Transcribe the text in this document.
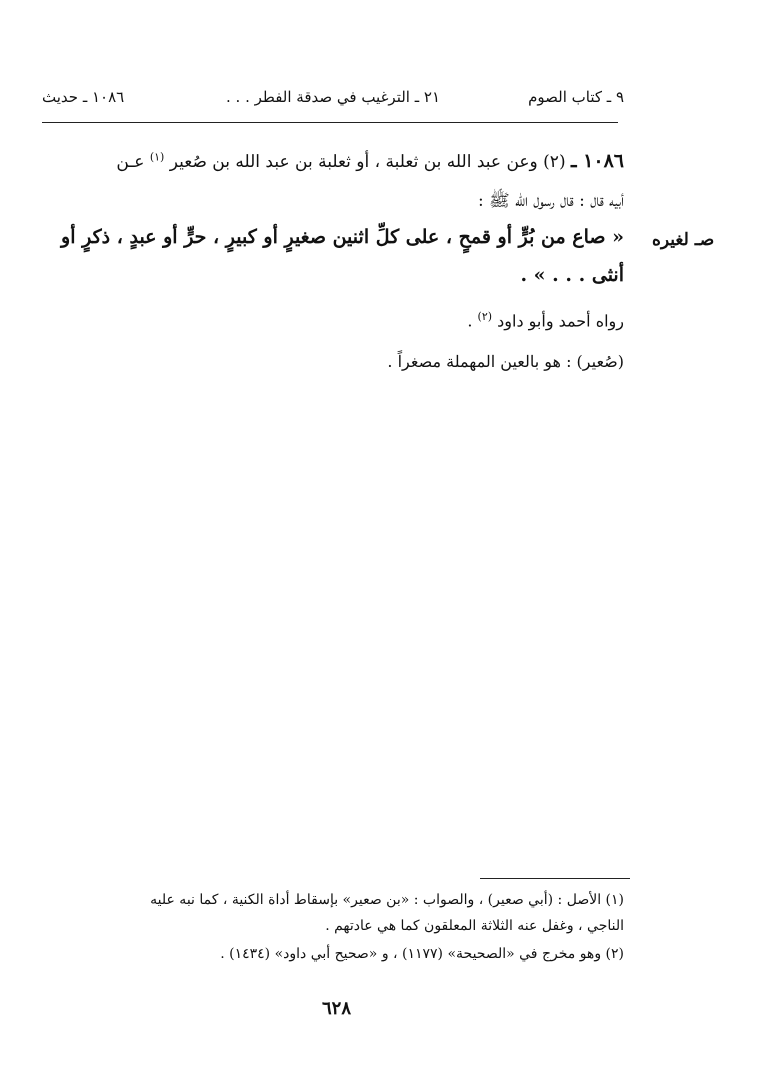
٩ ـ كتاب الصوم
٢١ ـ الترغيب في صدقة الفطر . . .
١٠٨٦ ـ حديث
١٠٨٦ ـ (٢) وعن عبد الله بن ثعلبة ، أو ثعلبة بن عبد الله بن صُعير $^{(١)}$ عـن
أبيه قال : قال رسول الله ﷺ :
صـ لغيره
« صاع من بُرٍّ أو قمحٍ ، على كلِّ اثنين صغيرٍ أو كبيرٍ ، حرٍّ أو عبدٍ ، ذكرٍ أو
أنثى . . . » .
رواه أحمد وأبو داود $^{(٢)}$ .
(صُعير) : هو بالعين المهملة مصغراً .
(١) الأصل : (أبي صعير) ، والصواب : «بن صعير» بإسقاط أداة الكنية ، كما نبه عليه
الناجي ، وغفل عنه الثلاثة المعلقون كما هي عادتهم .
(٢) وهو مخرج في «الصحيحة» (١١٧٧) ، و «صحيح أبي داود» (١٤٣٤) .
٦٢٨
